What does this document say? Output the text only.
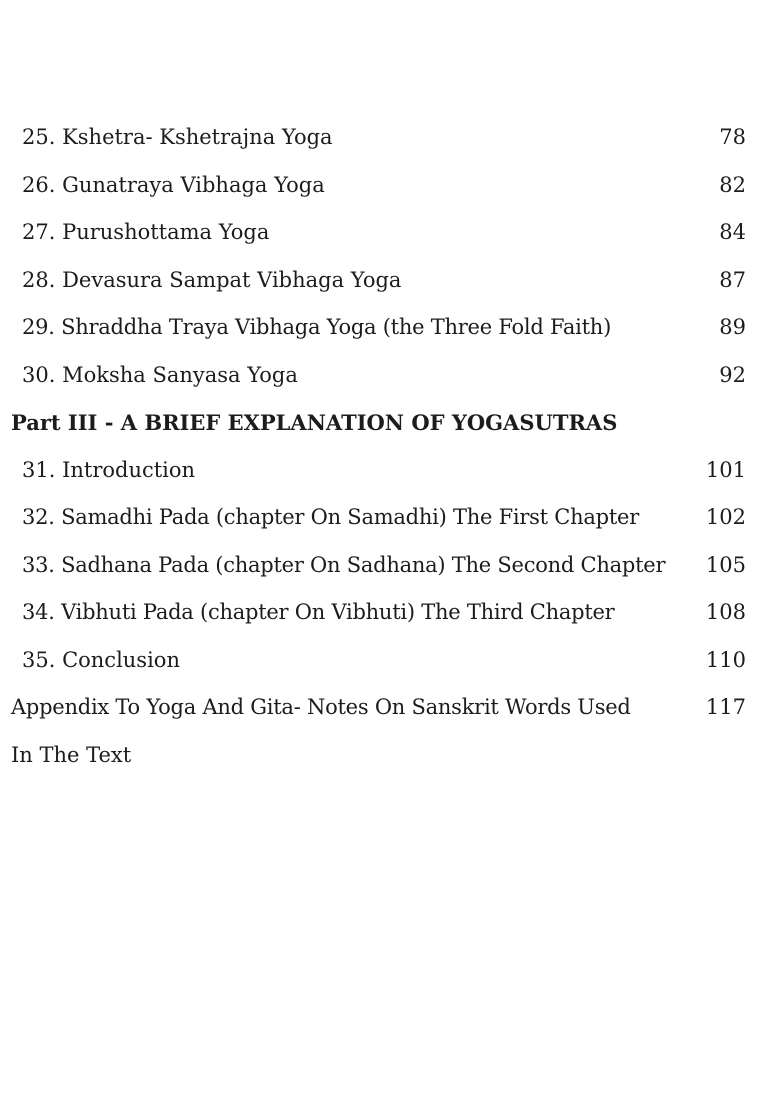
25. Kshetra- Kshetrajna Yoga	78
26. Gunatraya Vibhaga Yoga	82
27. Purushottama Yoga	84
28. Devasura Sampat Vibhaga Yoga	87
29. Shraddha Traya Vibhaga Yoga (the Three Fold Faith)	89
30. Moksha Sanyasa Yoga	92
Part III - A BRIEF EXPLANATION OF YOGASUTRAS
31. Introduction	101
32. Samadhi Pada (chapter On Samadhi) The First Chapter	102
33. Sadhana Pada (chapter On Sadhana) The Second Chapter 105
34. Vibhuti Pada (chapter On Vibhuti) The Third Chapter	108
35. Conclusion	110
Appendix To Yoga And Gita- Notes On Sanskrit Words Used	117
In The Text
